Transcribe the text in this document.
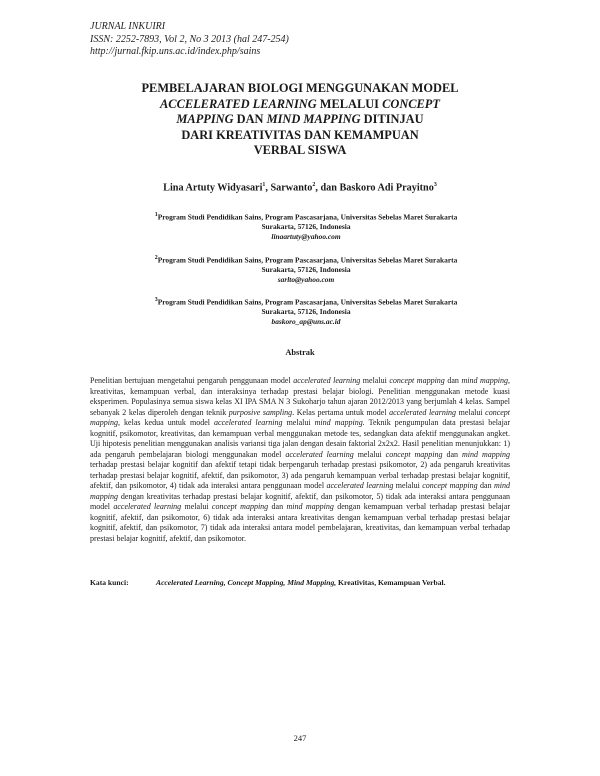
JURNAL INKUIRI
ISSN: 2252-7893, Vol 2, No 3 2013 (hal 247-254)
http://jurnal.fkip.uns.ac.id/index.php/sains
PEMBELAJARAN BIOLOGI MENGGUNAKAN MODEL
ACCELERATED LEARNING MELALUI CONCEPT
MAPPING DAN MIND MAPPING DITINJAU
DARI KREATIVITAS DAN KEMAMPUAN
VERBAL SISWA
Lina Artuty Widyasari$^1$, Sarwanto$^2$, dan Baskoro Adi Prayitno$^3$
$^1$Program Studi Pendidikan Sains, Program Pascasarjana, Universitas Sebelas Maret Surakarta
Surakarta, 57126, Indonesia
linaartuty@yahoo.com
$^2$Program Studi Pendidikan Sains, Program Pascasarjana, Universitas Sebelas Maret Surakarta
Surakarta, 57126, Indonesia
sarlto@yahoo.com
$^3$Program Studi Pendidikan Sains, Program Pascasarjana, Universitas Sebelas Maret Surakarta
Surakarta, 57126, Indonesia
baskoro_ap@uns.ac.id
Abstrak
Penelitian bertujuan mengetahui pengaruh penggunaan model accelerated learning melalui concept mapping dan mind mapping, kreativitas, kemampuan verbal, dan interaksinya terhadap prestasi belajar biologi. Penelitian menggunakan metode kuasi eksperimen. Populasinya semua siswa kelas XI IPA SMA N 3 Sukoharjo tahun ajaran 2012/2013 yang berjumlah 4 kelas. Sampel sebanyak 2 kelas diperoleh dengan teknik purposive sampling. Kelas pertama untuk model accelerated learning melalui concept mapping, kelas kedua untuk model accelerated learning melalui mind mapping. Teknik pengumpulan data prestasi belajar kognitif, psikomotor, kreativitas, dan kemampuan verbal menggunakan metode tes, sedangkan data afektif menggunakan angket. Uji hipotesis penelitian menggunakan analisis variansi tiga jalan dengan desain faktorial 2x2x2. Hasil penelitian menunjukkan: 1) ada pengaruh pembelajaran biologi menggunakan model accelerated learning melalui concept mapping dan mind mapping terhadap prestasi belajar kognitif dan afektif tetapi tidak berpengaruh terhadap prestasi psikomotor, 2) ada pengaruh kreativitas terhadap prestasi belajar kognitif, afektif, dan psikomotor, 3) ada pengaruh kemampuan verbal terhadap prestasi belajar kognitif, afektif, dan psikomotor, 4) tidak ada interaksi antara penggunaan model accelerated learning melalui concept mapping dan mind mapping dengan kreativitas terhadap prestasi belajar kognitif, afektif, dan psikomotor, 5) tidak ada interaksi antara penggunaan model accelerated learning melalui concept mapping dan mind mapping dengan kemampuan verbal terhadap prestasi belajar kognitif, afektif, dan psikomotor, 6) tidak ada interaksi antara kreativitas dengan kemampuan verbal terhadap prestasi belajar kognitif, afektif, dan psikomotor, 7) tidak ada interaksi antara model pembelajaran, kreativitas, dan kemampuan verbal terhadap prestasi belajar kognitif, afektif, dan psikomotor.
Kata kunci:	Accelerated Learning, Concept Mapping, Mind Mapping, Kreativitas, Kemampuan Verbal.
247
